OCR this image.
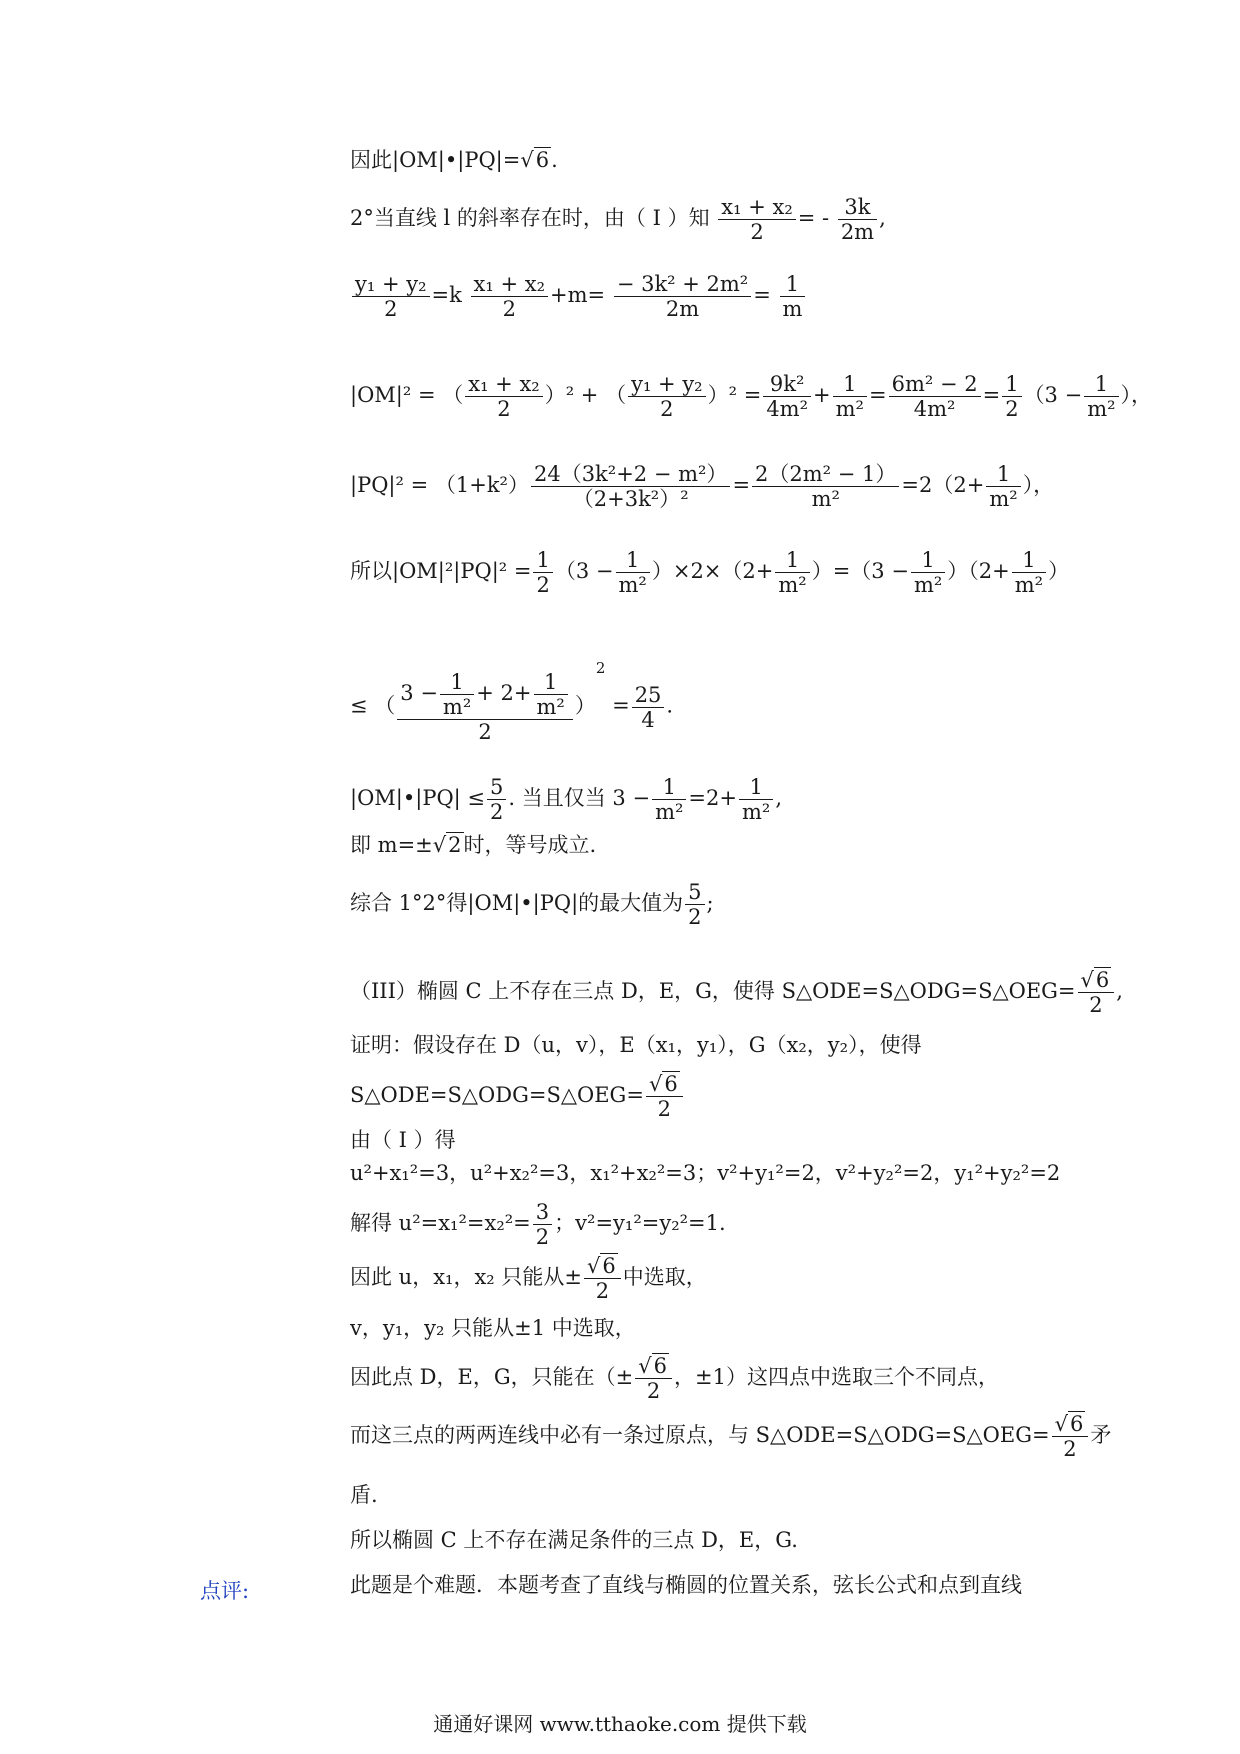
因此|OM|•|PQ|=√6.
2°当直线 l 的斜率存在时，由（ I ）知 $\frac{\text{x₁ + x₂}}{2}$ = - $\frac{3k}{2m}$ ,
$\frac{\text{y₁ + y₂}}{2} =k \frac{\text{x₁ + x₂}}{2} +m= \frac{\text{− 3k² + 2m²}}{2m} = \frac{1}{m}$
|OM|² = （ $\frac{\text{x₁ + x₂}}{2} )^2$ + （ $\frac{\text{y₁ + y₂}}{2} )^2 = \frac{\text{9k²}}{\text{4m²}} + \frac{1}{\text{m²}} = \frac{\text{6m² − 2}}{\text{4m²}} = \frac{1}{2} (3 - \frac{1}{\text{m²}}$ ），
$|PQ|^2 = (1+k^2) \frac{\text{24（3k²+2 − m²）}}{\text{（2+3k²）²}} = \frac{\text{2（2m² − 1）}}{\text{m²}} =2(2+ \frac{1}{\text{m²}}$ ），
所以$|OM|^2|PQ|^2 = \frac{1}{2} (3 - \frac{1}{\text{m²}} )\times 2\times(2+ \frac{1}{\text{m²}} )=(3 - \frac{1}{\text{m²}} )(2+ \frac{1}{\text{m²}}$ ）
≤ （ $\frac{3 - \frac{1}{\text{m²}} + 2+ \frac{1}{\text{m²}}}{2} )^2 = \frac{25}{4}$ .
|OM|•|PQ| ≤ $\frac{5}{2}$ . 当且仅当 $3 - \frac{1}{\text{m²}} =2+ \frac{1}{\text{m²}}$ ,
即 m=±√2时，等号成立.
综合 1°2°得|OM|•|PQ|的最大值为 $\frac{5}{2}$ ;
（III）椭圆 C 上不存在三点 D，E，G，使得 S△ODE=S△ODG=S△OEG= $\frac{√6}{2}$ ,
证明：假设存在 D（u，v），E（x₁，y₁），G（x₂，y₂），使得
S△ODE=S△ODG=S△OEG= $\frac{√6}{2}$
由（ I ）得
u²+x₁²=3，u²+x₂²=3，x₁²+x₂²=3；v²+y₁²=2，v²+y₂²=2，y₁²+y₂²=2
解得 $u^2=x_1^2=x_2^2= \frac{3}{2}$ ；v²=y₁²=y₂²=1.
因此 u，x₁，x₂ 只能从± $\frac{√6}{2}$ 中选取，
v，y₁，y₂ 只能从±1 中选取，
因此点 D，E，G，只能在（± $\frac{√6}{2}$ ，±1）这四点中选取三个不同点，
而这三点的两两连线中必有一条过原点，与 S△ODE=S△ODG=S△OEG= $\frac{√6}{2}$ 矛
盾.
所以椭圆 C 上不存在满足条件的三点 D，E，G.
点评:	此题是个难题．本题考查了直线与椭圆的位置关系，弦长公式和点到直线
通通好课网 www.tthaoke.com 提供下载
